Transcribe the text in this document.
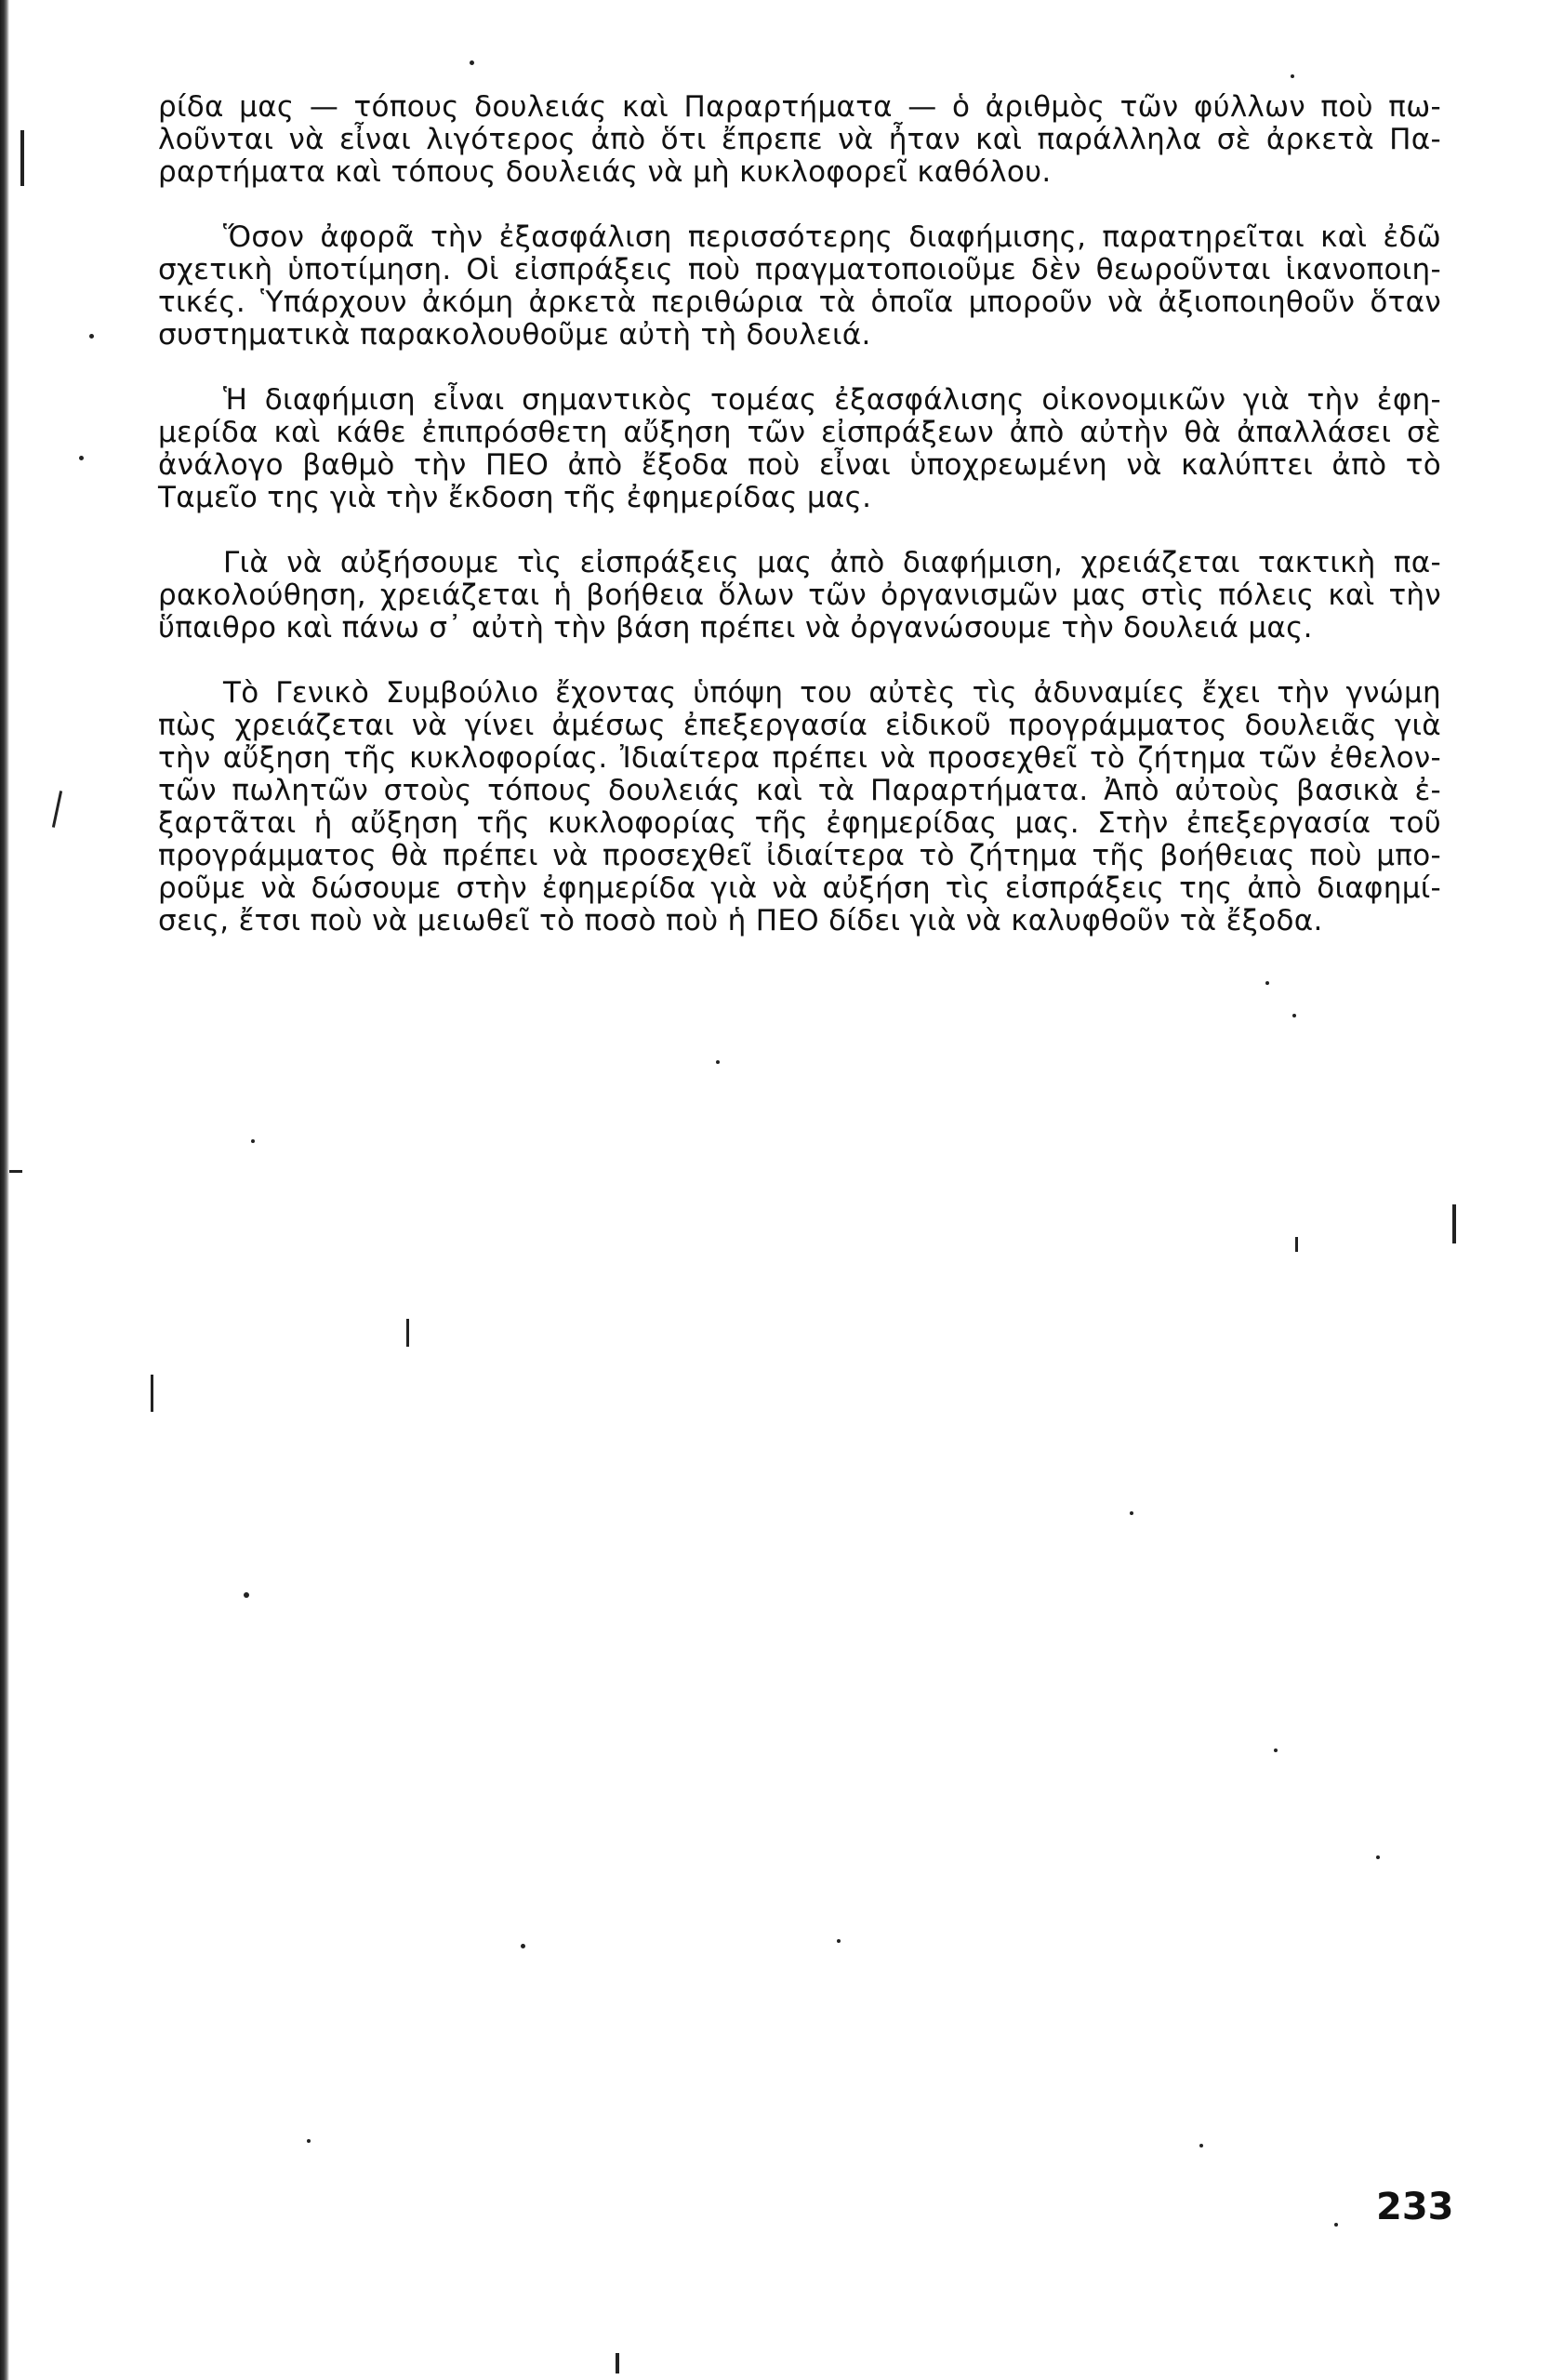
ρίδα μας — τόπους δουλειάς καὶ Παραρτήματα — ὁ ἀριθμὸς τῶν φύλλων ποὺ πω-
λοῦνται νὰ εἶναι λιγότερος ἀπὸ ὅτι ἔπρεπε νὰ ἦταν καὶ παράλληλα σὲ ἀρκετὰ Πα-
ραρτήματα καὶ τόπους δουλειάς νὰ μὴ κυκλοφορεῖ καθόλου.

Ὅσον ἀφορᾶ τὴν ἐξασφάλιση περισσότερης διαφήμισης, παρατηρεῖται καὶ ἐδῶ
σχετικὴ ὑποτίμηση. Οἱ εἰσπράξεις ποὺ πραγματοποιοῦμε δὲν θεωροῦνται ἱκανοποιη-
τικές. Ὑπάρχουν ἀκόμη ἀρκετὰ περιθώρια τὰ ὁποῖα μποροῦν νὰ ἀξιοποιηθοῦν ὅταν
συστηματικὰ παρακολουθοῦμε αὐτὴ τὴ δουλειά.

Ἡ διαφήμιση εἶναι σημαντικὸς τομέας ἐξασφάλισης οἰκονομικῶν γιὰ τὴν ἐφη-
μερίδα καὶ κάθε ἐπιπρόσθετη αὔξηση τῶν εἰσπράξεων ἀπὸ αὐτὴν θὰ ἀπαλλάσει σὲ
ἀνάλογο βαθμὸ τὴν ΠΕΟ ἀπὸ ἔξοδα ποὺ εἶναι ὑποχρεωμένη νὰ καλύπτει ἀπὸ τὸ
Ταμεῖο της γιὰ τὴν ἔκδοση τῆς ἐφημερίδας μας.

Γιὰ νὰ αὐξήσουμε τὶς εἰσπράξεις μας ἀπὸ διαφήμιση, χρειάζεται τακτικὴ πα-
ρακολούθηση, χρειάζεται ἡ βοήθεια ὅλων τῶν ὀργανισμῶν μας στὶς πόλεις καὶ τὴν
ὕπαιθρο καὶ πάνω σ᾽ αὐτὴ τὴν βάση πρέπει νὰ ὀργανώσουμε τὴν δουλειά μας.

Τὸ Γενικὸ Συμβούλιο ἔχοντας ὑπόψη του αὐτὲς τὶς ἀδυναμίες ἔχει τὴν γνώμη
πὼς χρειάζεται νὰ γίνει ἀμέσως ἐπεξεργασία εἰδικοῦ προγράμματος δουλειᾶς γιὰ
τὴν αὔξηση τῆς κυκλοφορίας. Ἰδιαίτερα πρέπει νὰ προσεχθεῖ τὸ ζήτημα τῶν ἐθελον-
τῶν πωλητῶν στοὺς τόπους δουλειάς καὶ τὰ Παραρτήματα. Ἀπὸ αὐτοὺς βασικὰ ἐ-
ξαρτᾶται ἡ αὔξηση τῆς κυκλοφορίας τῆς ἐφημερίδας μας. Στὴν ἐπεξεργασία τοῦ
προγράμματος θὰ πρέπει νὰ προσεχθεῖ ἰδιαίτερα τὸ ζήτημα τῆς βοήθειας ποὺ μπο-
ροῦμε νὰ δώσουμε στὴν ἐφημερίδα γιὰ νὰ αὐξήση τὶς εἰσπράξεις της ἀπὸ διαφημί-
σεις, ἔτσι ποὺ νὰ μειωθεῖ τὸ ποσὸ ποὺ ἡ ΠΕΟ δίδει γιὰ νὰ καλυφθοῦν τὰ ἔξοδα.

233
